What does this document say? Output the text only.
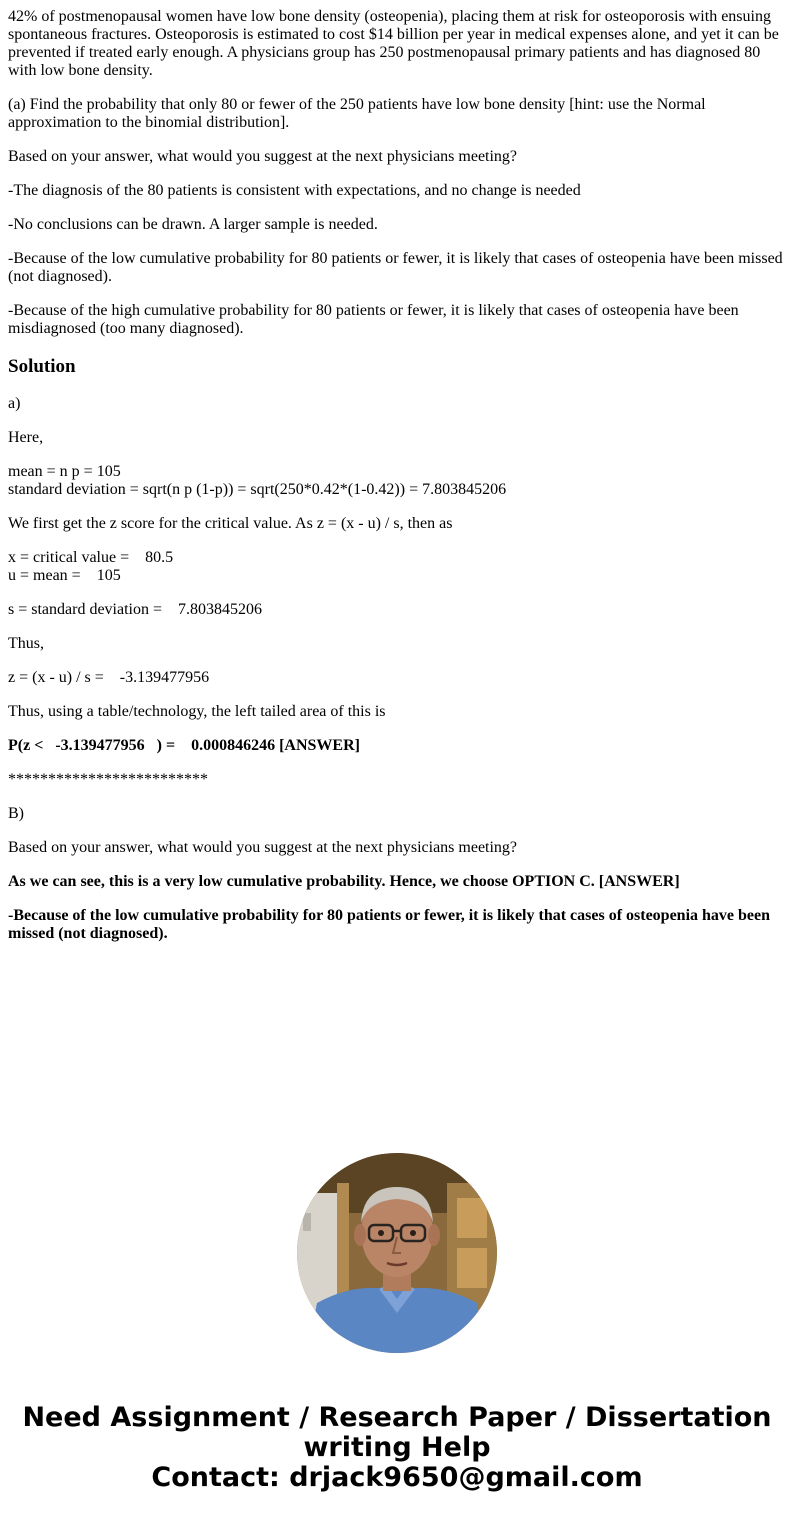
42% of postmenopausal women have low bone density (osteopenia), placing them at risk for osteoporosis with ensuing spontaneous fractures. Osteoporosis is estimated to cost $14 billion per year in medical expenses alone, and yet it can be prevented if treated early enough. A physicians group has 250 postmenopausal primary patients and has diagnosed 80 with low bone density.

(a) Find the probability that only 80 or fewer of the 250 patients have low bone density [hint: use the Normal approximation to the binomial distribution].

Based on your answer, what would you suggest at the next physicians meeting?

-The diagnosis of the 80 patients is consistent with expectations, and no change is needed

-No conclusions can be drawn. A larger sample is needed.

-Because of the low cumulative probability for 80 patients or fewer, it is likely that cases of osteopenia have been missed (not diagnosed).

-Because of the high cumulative probability for 80 patients or fewer, it is likely that cases of osteopenia have been misdiagnosed (too many diagnosed).

Solution

a)

Here,

mean = n p = 105

standard deviation = sqrt(n p (1-p)) = sqrt(250*0.42*(1-0.42)) = 7.803845206

We first get the z score for the critical value. As z = (x - u) / s, then as

x = critical value =    80.5

u = mean =    105

s = standard deviation =    7.803845206

Thus,

z = (x - u) / s =    -3.139477956

Thus, using a table/technology, the left tailed area of this is

P(z <   -3.139477956   ) =    0.000846246 [ANSWER]

*************************

B)

Based on your answer, what would you suggest at the next physicians meeting?

As we can see, this is a very low cumulative probability. Hence, we choose OPTION C. [ANSWER]

-Because of the low cumulative probability for 80 patients or fewer, it is likely that cases of osteopenia have been missed (not diagnosed).

Need Assignment / Research Paper / Dissertation
writing Help
Contact: drjack9650@gmail.com
